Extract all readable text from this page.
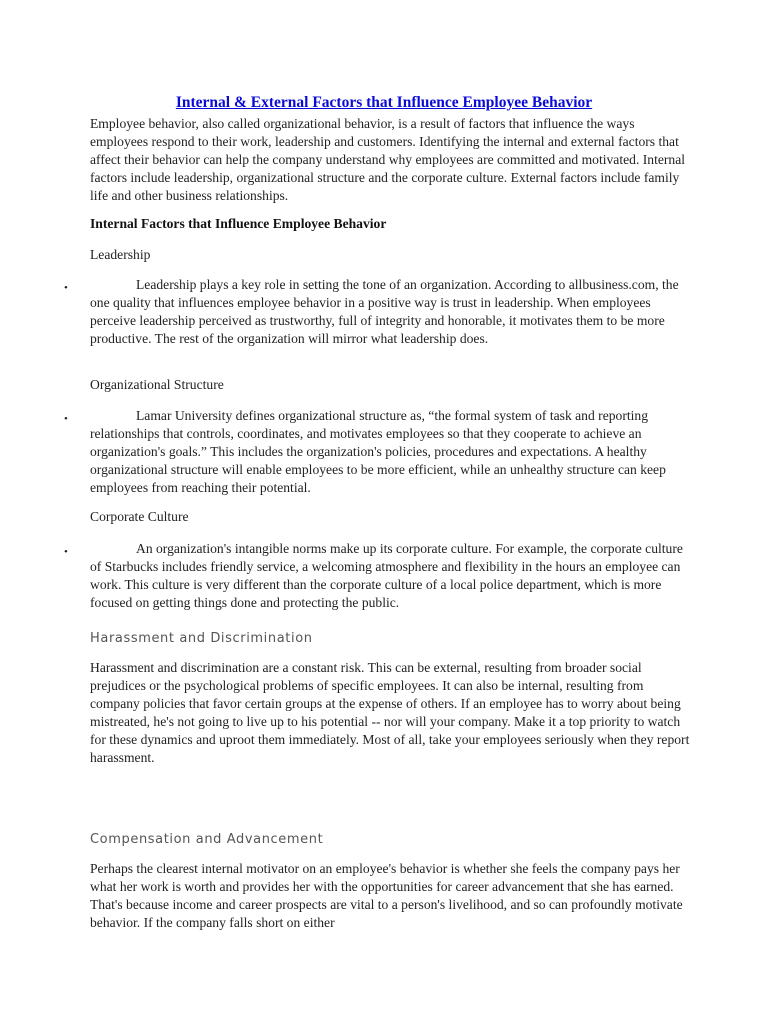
Internal & External Factors that Influence Employee Behavior
Employee behavior, also called organizational behavior, is a result of factors that influence the ways employees respond to their work, leadership and customers. Identifying the internal and external factors that affect their behavior can help the company understand why employees are committed and motivated. Internal factors include leadership, organizational structure and the corporate culture. External factors include family life and other business relationships.
Internal Factors that Influence Employee Behavior
Leadership
•	Leadership plays a key role in setting the tone of an organization. According to allbusiness.com, the one quality that influences employee behavior in a positive way is trust in leadership. When employees perceive leadership perceived as trustworthy, full of integrity and honorable, it motivates them to be more productive. The rest of the organization will mirror what leadership does.
Organizational Structure
•	Lamar University defines organizational structure as, “the formal system of task and reporting relationships that controls, coordinates, and motivates employees so that they cooperate to achieve an organization's goals.” This includes the organization's policies, procedures and expectations. A healthy organizational structure will enable employees to be more efficient, while an unhealthy structure can keep employees from reaching their potential.
Corporate Culture
•	An organization's intangible norms make up its corporate culture. For example, the corporate culture of Starbucks includes friendly service, a welcoming atmosphere and flexibility in the hours an employee can work. This culture is very different than the corporate culture of a local police department, which is more focused on getting things done and protecting the public.
Harassment and Discrimination
Harassment and discrimination are a constant risk. This can be external, resulting from broader social prejudices or the psychological problems of specific employees. It can also be internal, resulting from company policies that favor certain groups at the expense of others. If an employee has to worry about being mistreated, he's not going to live up to his potential -- nor will your company. Make it a top priority to watch for these dynamics and uproot them immediately. Most of all, take your employees seriously when they report harassment.
Compensation and Advancement
Perhaps the clearest internal motivator on an employee's behavior is whether she feels the company pays her what her work is worth and provides her with the opportunities for career advancement that she has earned. That's because income and career prospects are vital to a person's livelihood, and so can profoundly motivate behavior. If the company falls short on either
